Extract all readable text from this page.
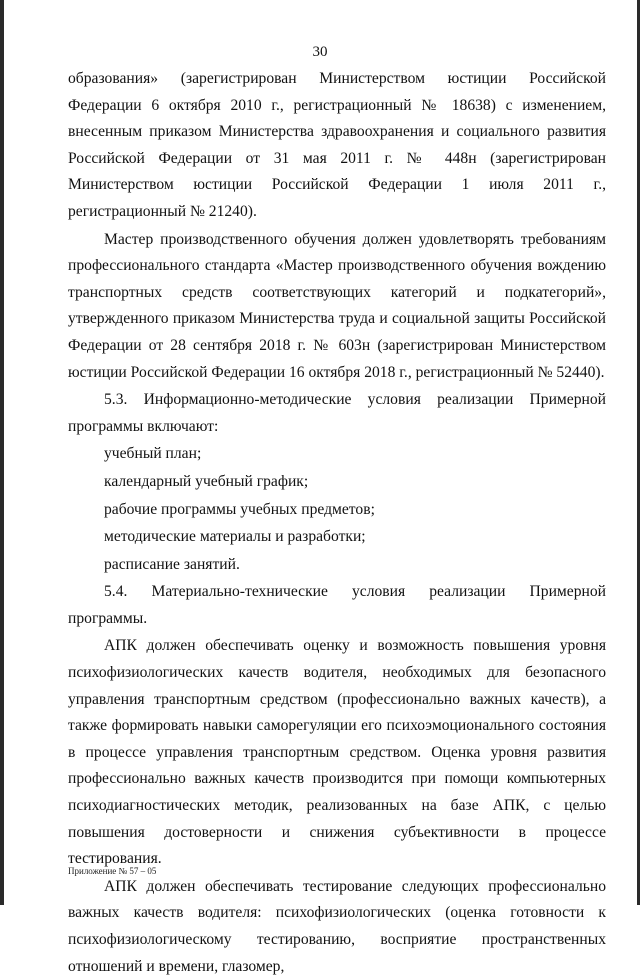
30

образования» (зарегистрирован Министерством юстиции Российской Федерации 6 октября 2010 г., регистрационный № 18638) с изменением, внесенным приказом Министерства здравоохранения и социального развития Российской Федерации от 31 мая 2011 г. № 448н (зарегистрирован Министерством юстиции Российской Федерации 1 июля 2011 г., регистрационный № 21240).

Мастер производственного обучения должен удовлетворять требованиям профессионального стандарта «Мастер производственного обучения вождению транспортных средств соответствующих категорий и подкатегорий», утвержденного приказом Министерства труда и социальной защиты Российской Федерации от 28 сентября 2018 г. № 603н (зарегистрирован Министерством юстиции Российской Федерации 16 октября 2018 г., регистрационный № 52440).

5.3. Информационно-методические условия реализации Примерной программы включают:

учебный план;

календарный учебный график;

рабочие программы учебных предметов;

методические материалы и разработки;

расписание занятий.

5.4. Материально-технические условия реализации Примерной программы.

АПК должен обеспечивать оценку и возможность повышения уровня психофизиологических качеств водителя, необходимых для безопасного управления транспортным средством (профессионально важных качеств), а также формировать навыки саморегуляции его психоэмоционального состояния в процессе управления транспортным средством. Оценка уровня развития профессионально важных качеств производится при помощи компьютерных психодиагностических методик, реализованных на базе АПК, с целью повышения достоверности и снижения субъективности в процессе тестирования.

АПК должен обеспечивать тестирование следующих профессионально важных качеств водителя: психофизиологических (оценка готовности к психофизиологическому тестированию, восприятие пространственных отношений и времени, глазомер,

Приложение № 57 – 05
